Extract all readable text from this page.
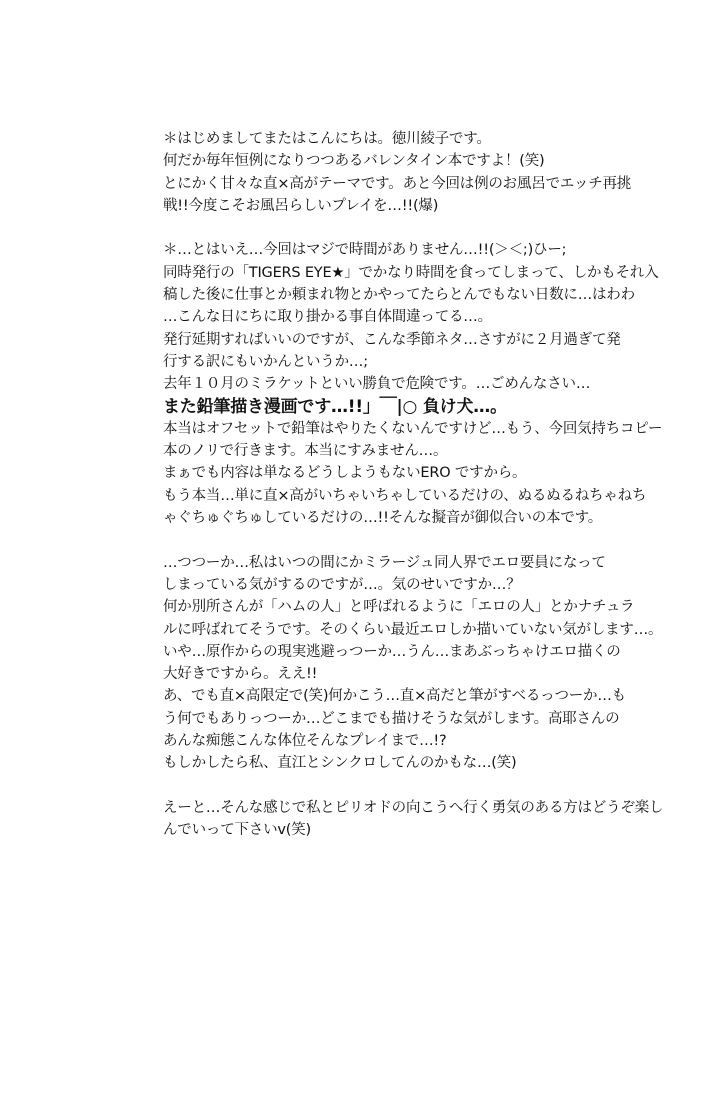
＊はじめましてまたはこんにちは。徳川綾子です。
何だか毎年恒例になりつつあるバレンタイン本ですよ！(笑)
とにかく甘々な直×高がテーマです。あと今回は例のお風呂でエッチ再挑
戦!!今度こそお風呂らしいプレイを…!!(爆)
＊…とはいえ…今回はマジで時間がありません…!!(＞＜;)ひー;
同時発行の「TIGERS EYE★」でかなり時間を食ってしまって、しかもそれ入
稿した後に仕事とか頼まれ物とかやってたらとんでもない日数に…はわわ
…こんな日にちに取り掛かる事自体間違ってる…。
発行延期すればいいのですが、こんな季節ネタ…さすがに２月過ぎて発
行する訳にもいかんというか…;
去年１０月のミラケットといい勝負で危険です。…ごめんなさい…
また鉛筆描き漫画です…!!」￣|○ 負け犬…。
本当はオフセットで鉛筆はやりたくないんですけど…もう、今回気持ちコピー
本のノリで行きます。本当にすみません…。
まぁでも内容は単なるどうしようもないERO ですから。
もう本当…単に直×高がいちゃいちゃしているだけの、ぬるぬるねちゃねち
ゃぐちゅぐちゅしているだけの…!!そんな擬音が御似合いの本です。
…つつーか…私はいつの間にかミラージュ同人界でエロ要員になって
しまっている気がするのですが…。気のせいですか…？
何か別所さんが「ハムの人」と呼ばれるように「エロの人」とかナチュラ
ルに呼ばれてそうです。そのくらい最近エロしか描いていない気がします…。
いや…原作からの現実逃避っつーか…うん…まあぶっちゃけエロ描くの
大好きですから。ええ!!
あ、でも直×高限定で(笑)何かこう…直×高だと筆がすべるっつーか…も
う何でもありっつーか…どこまでも描けそうな気がします。高耶さんの
あんな痴態こんな体位そんなプレイまで…!?
もしかしたら私、直江とシンクロしてんのかもな…(笑)
えーと…そんな感じで私とピリオドの向こうへ行く勇気のある方はどうぞ楽し
んでいって下さいv(笑)
